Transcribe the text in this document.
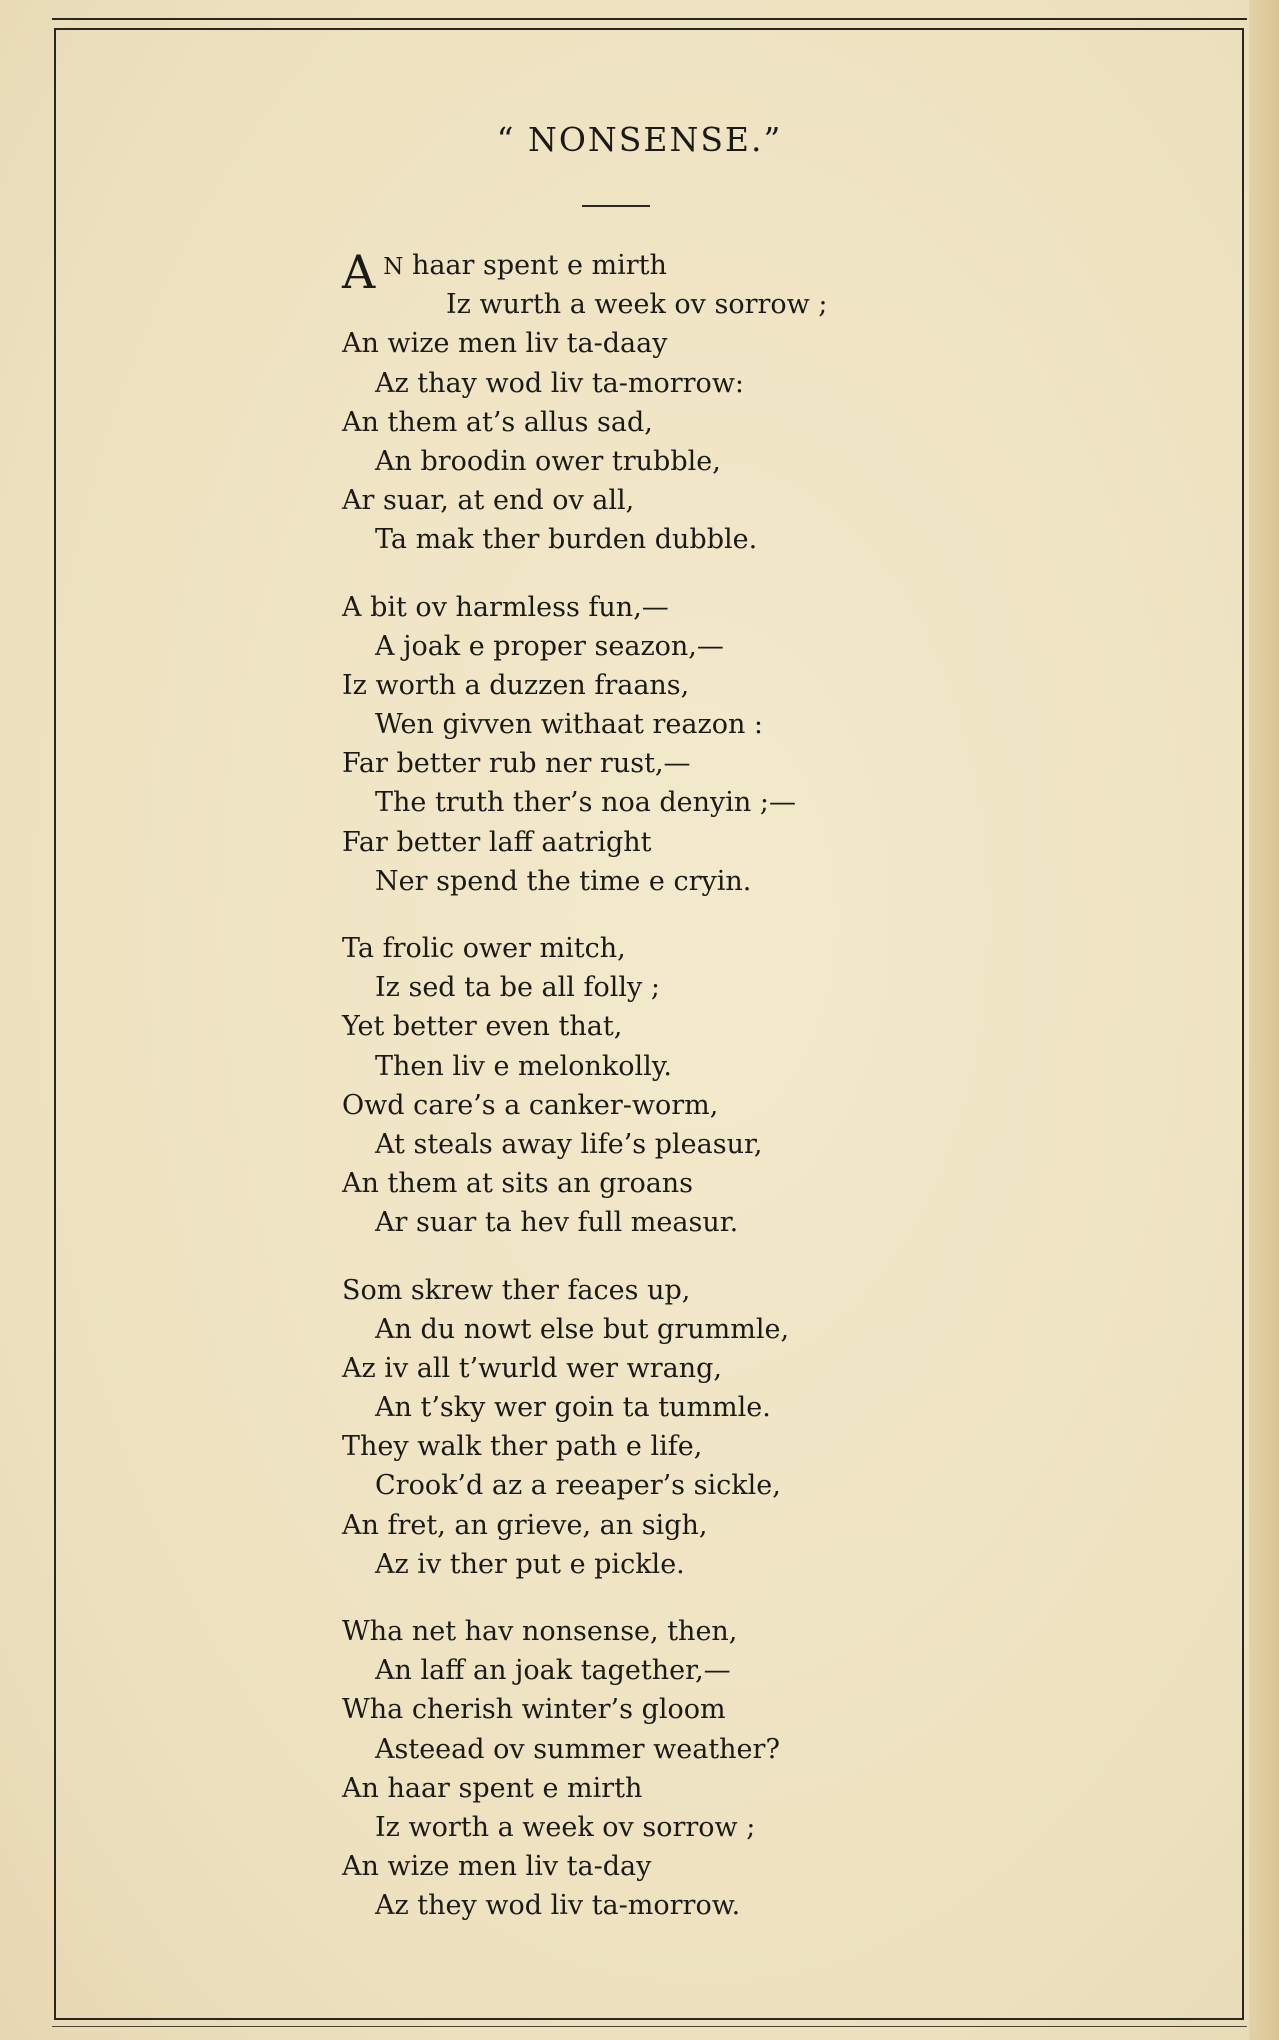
“ NONSENSE.”
A N haar spent e mirth
Iz wurth a week ov sorrow ;
An wize men liv ta-daay
Az thay wod liv ta-morrow:
An them at’s allus sad,
An broodin ower trubble,
Ar suar, at end ov all,
Ta mak ther burden dubble.
A bit ov harmless fun,—
A joak e proper seazon,—
Iz worth a duzzen fraans,
Wen givven withaat reazon :
Far better rub ner rust,—
The truth ther’s noa denyin ;—
Far better laff aatright
Ner spend the time e cryin.
Ta frolic ower mitch,
Iz sed ta be all folly ;
Yet better even that,
Then liv e melonkolly.
Owd care’s a canker-worm,
At steals away life’s pleasur,
An them at sits an groans
Ar suar ta hev full measur.
Som skrew ther faces up,
An du nowt else but grummle,
Az iv all t’wurld wer wrang,
An t’sky wer goin ta tummle.
They walk ther path e life,
Crook’d az a reeaper’s sickle,
An fret, an grieve, an sigh,
Az iv ther put e pickle.
Wha net hav nonsense, then,
An laff an joak tagether,—
Wha cherish winter’s gloom
Asteead ov summer weather?
An haar spent e mirth
Iz worth a week ov sorrow ;
An wize men liv ta-day
Az they wod liv ta-morrow.
